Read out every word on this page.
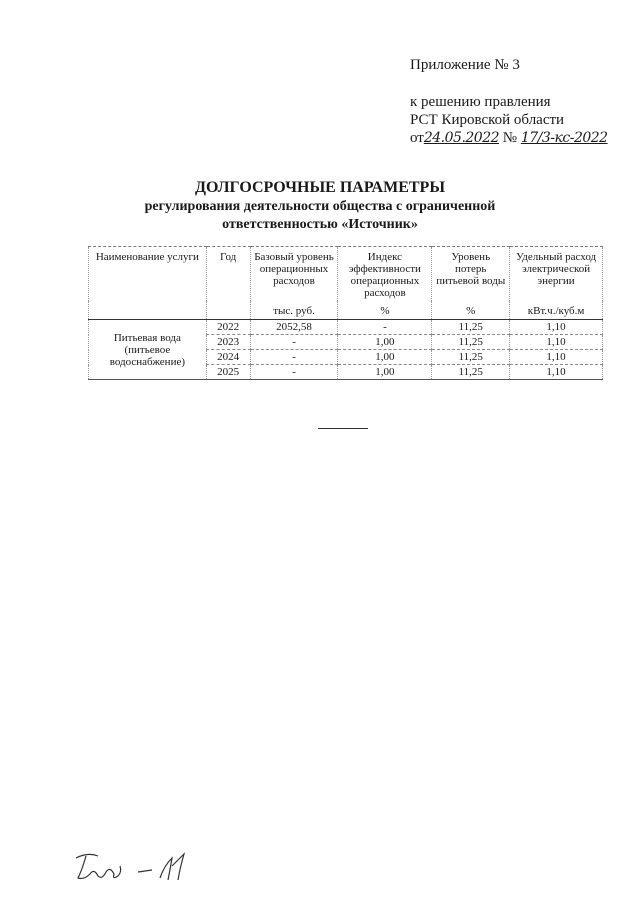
Приложение № 3
к решению правления
РСТ Кировской области
от24.05.2022 № 17/3-кс-2022
ДОЛГОСРОЧНЫЕ ПАРАМЕТРЫ
регулирования деятельности общества с ограниченной
ответственностью «Источник»
Наименование услуги	Год	Базовый уровень операционных расходов	Индекс эффективности операционных расходов	Уровень потерь питьевой воды	Удельный расход электрической энергии
		тыс. руб.	%	%	кВт.ч./куб.м
Питьевая вода (питьевое водоснабжение)	2022	2052,58	-	11,25	1,10
	2023	-	1,00	11,25	1,10
	2024	-	1,00	11,25	1,10
	2025	-	1,00	11,25	1,10
